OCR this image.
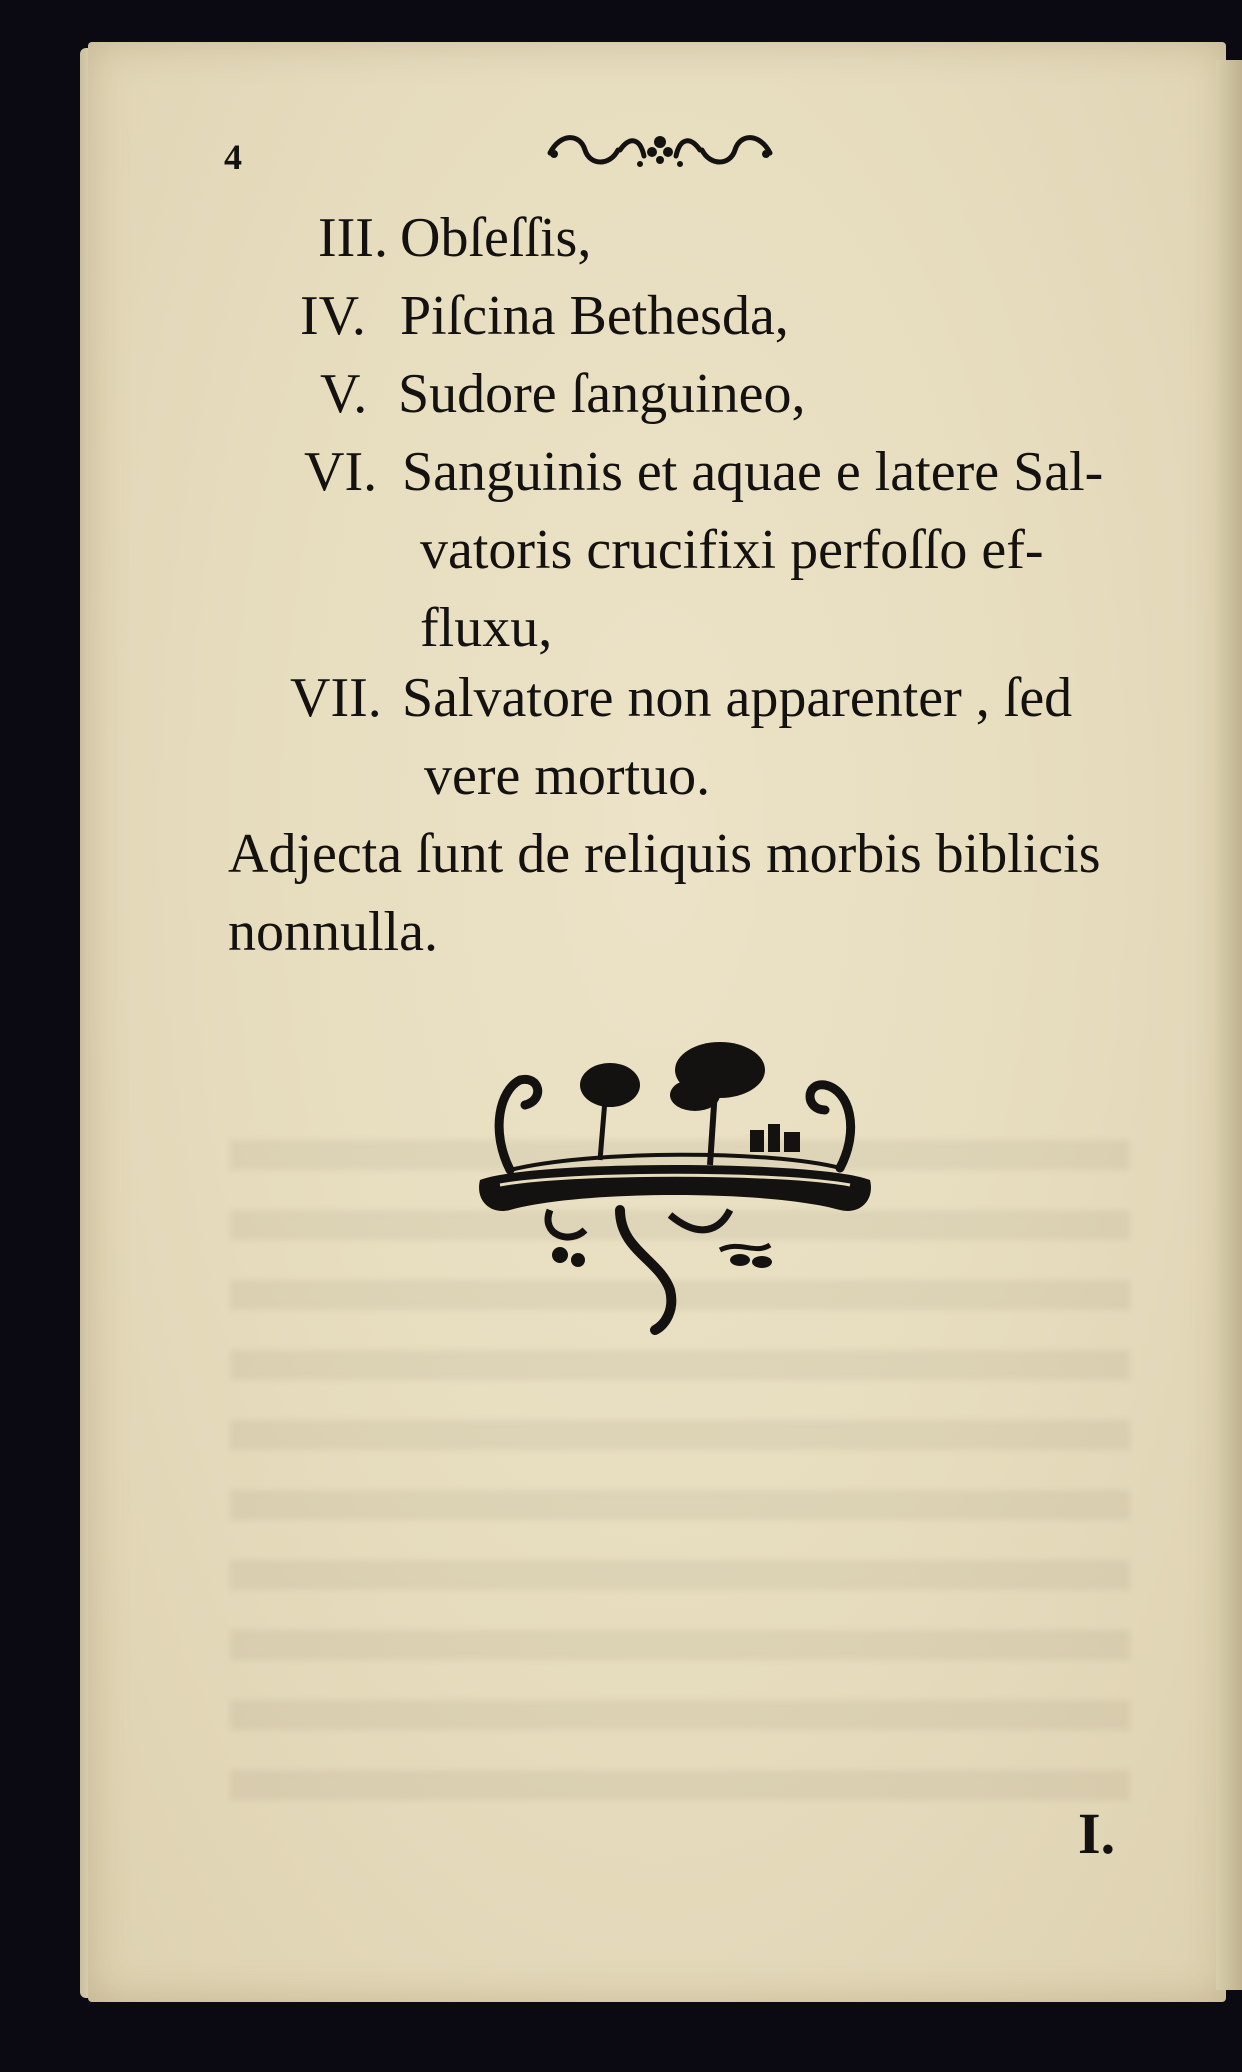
4
III. Obſeſſis,
IV. Piſcina Bethesda,
V. Sudore ſanguineo,
VI. Sanguinis et aquae e latere Sal-
vatoris crucifixi perfoſſo ef-
fluxu,
VII. Salvatore non apparenter , ſed
vere mortuo.
Adjecta ſunt de reliquis morbis biblicis
nonnulla.
I.
